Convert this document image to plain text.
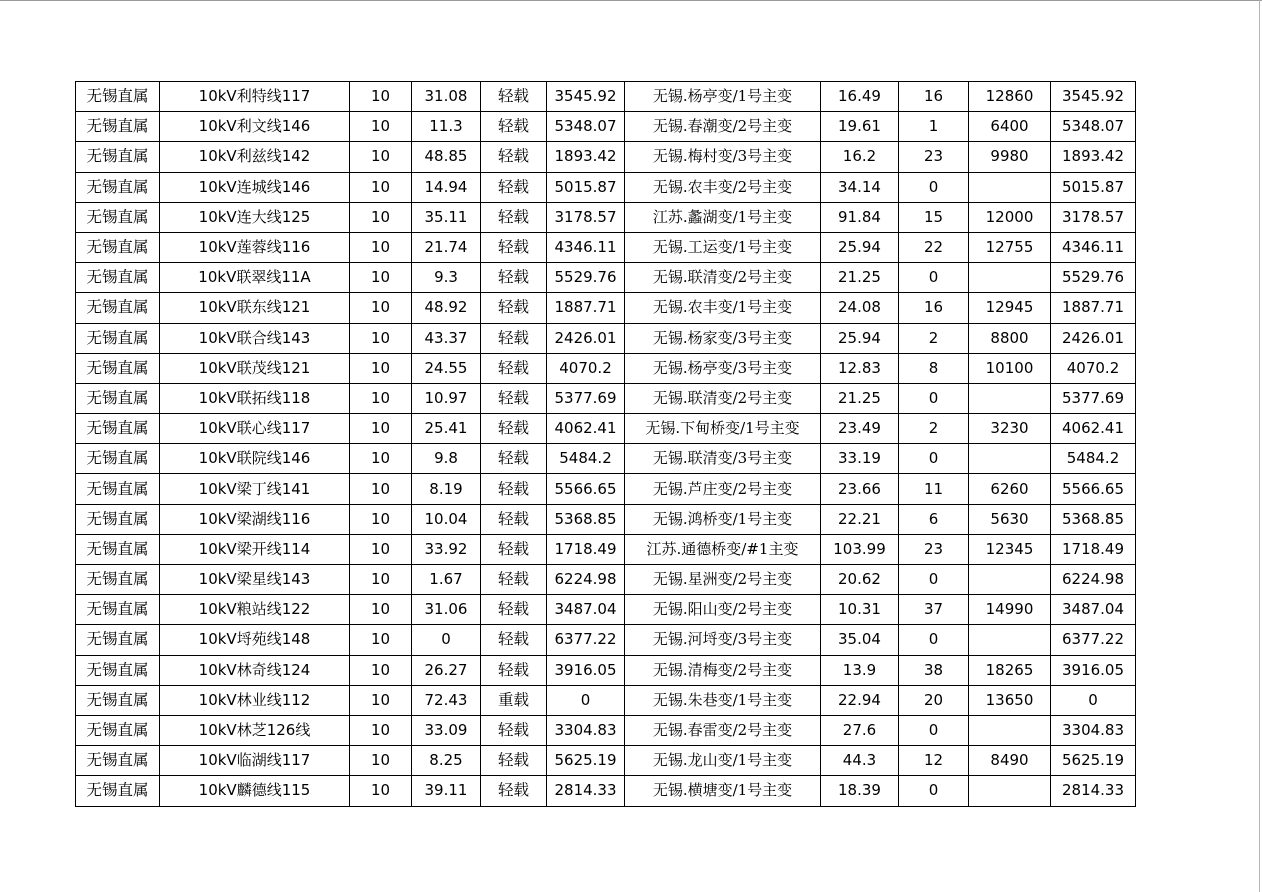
无锡直属	10kV利特线117	10	31.08	轻载	3545.92	无锡.杨亭变/1号主变	16.49	16	12860	3545.92
无锡直属	10kV利文线146	10	11.3	轻载	5348.07	无锡.春潮变/2号主变	19.61	1	6400	5348.07
无锡直属	10kV利兹线142	10	48.85	轻载	1893.42	无锡.梅村变/3号主变	16.2	23	9980	1893.42
无锡直属	10kV连城线146	10	14.94	轻载	5015.87	无锡.农丰变/2号主变	34.14	0		5015.87
无锡直属	10kV连大线125	10	35.11	轻载	3178.57	江苏.蠡湖变/1号主变	91.84	15	12000	3178.57
无锡直属	10kV莲蓉线116	10	21.74	轻载	4346.11	无锡.工运变/1号主变	25.94	22	12755	4346.11
无锡直属	10kV联翠线11A	10	9.3	轻载	5529.76	无锡.联清变/2号主变	21.25	0		5529.76
无锡直属	10kV联东线121	10	48.92	轻载	1887.71	无锡.农丰变/1号主变	24.08	16	12945	1887.71
无锡直属	10kV联合线143	10	43.37	轻载	2426.01	无锡.杨家变/3号主变	25.94	2	8800	2426.01
无锡直属	10kV联茂线121	10	24.55	轻载	4070.2	无锡.杨亭变/3号主变	12.83	8	10100	4070.2
无锡直属	10kV联拓线118	10	10.97	轻载	5377.69	无锡.联清变/2号主变	21.25	0		5377.69
无锡直属	10kV联心线117	10	25.41	轻载	4062.41	无锡.下甸桥变/1号主变	23.49	2	3230	4062.41
无锡直属	10kV联院线146	10	9.8	轻载	5484.2	无锡.联清变/3号主变	33.19	0		5484.2
无锡直属	10kV梁丁线141	10	8.19	轻载	5566.65	无锡.芦庄变/2号主变	23.66	11	6260	5566.65
无锡直属	10kV梁湖线116	10	10.04	轻载	5368.85	无锡.鸿桥变/1号主变	22.21	6	5630	5368.85
无锡直属	10kV梁开线114	10	33.92	轻载	1718.49	江苏.通德桥变/#1主变	103.99	23	12345	1718.49
无锡直属	10kV梁星线143	10	1.67	轻载	6224.98	无锡.星洲变/2号主变	20.62	0		6224.98
无锡直属	10kV粮站线122	10	31.06	轻载	3487.04	无锡.阳山变/2号主变	10.31	37	14990	3487.04
无锡直属	10kV埒苑线148	10	0	轻载	6377.22	无锡.河埒变/3号主变	35.04	0		6377.22
无锡直属	10kV林奇线124	10	26.27	轻载	3916.05	无锡.清梅变/2号主变	13.9	38	18265	3916.05
无锡直属	10kV林业线112	10	72.43	重载	0	无锡.朱巷变/1号主变	22.94	20	13650	0
无锡直属	10kV林芝126线	10	33.09	轻载	3304.83	无锡.春雷变/2号主变	27.6	0		3304.83
无锡直属	10kV临湖线117	10	8.25	轻载	5625.19	无锡.龙山变/1号主变	44.3	12	8490	5625.19
无锡直属	10kV麟德线115	10	39.11	轻载	2814.33	无锡.横塘变/1号主变	18.39	0		2814.33
